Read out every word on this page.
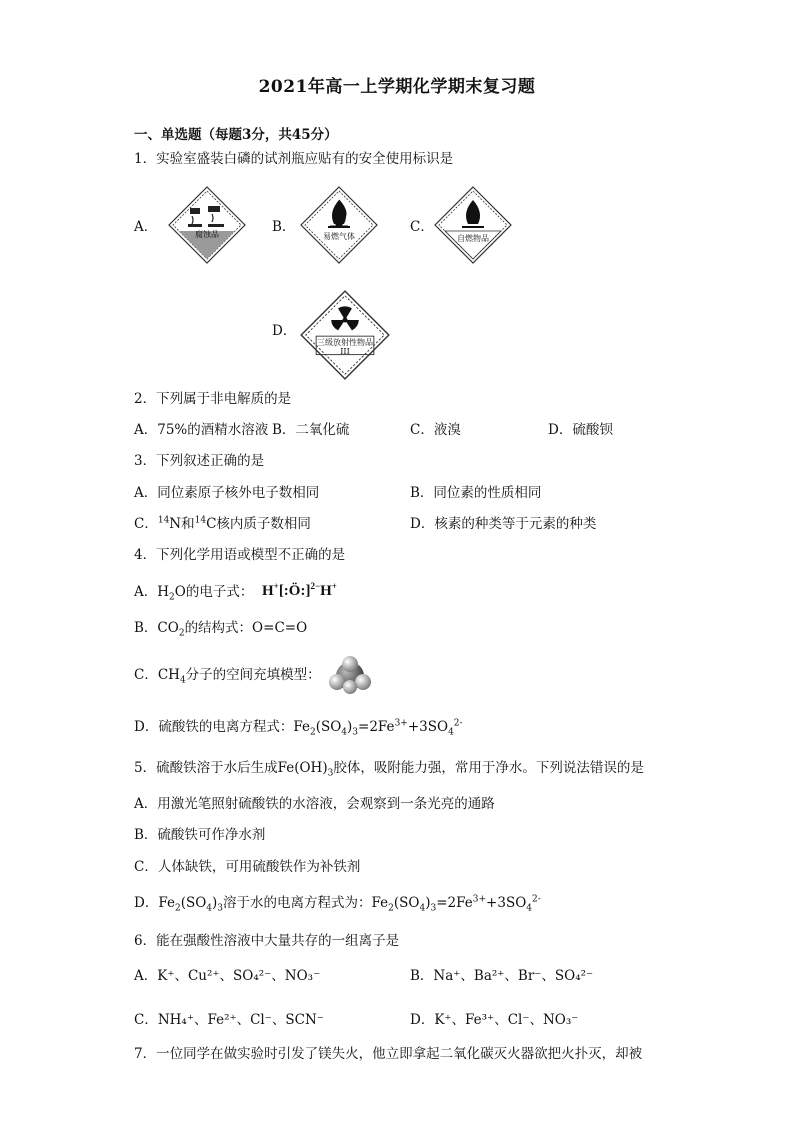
2021年高一上学期化学期末复习题
一、单选题（每题3分，共45分）
1．实验室盛装白磷的试剂瓶应贴有的安全使用标识是
A．	腐蚀品	B．
易燃气体
C．
自燃物品
D．
三级放射性物品
III
2．下列属于非电解质的是
A．75%的酒精水溶液 B．二氧化硫	C．液溴	D．硫酸钡
3．下列叙述正确的是
A．同位素原子核外电子数相同	B．同位素的性质相同
C．$^{14}$N和$^{14}$C核内质子数相同	D．核素的种类等于元素的种类
4．下列化学用语或模型不正确的是
A．$H_2O$的电子式： H+[:Ö:]$^{2-}$H+
B．$CO_2$的结构式：O=C=O
C．$CH_4$分子的空间充填模型：
D．硫酸铁的电离方程式：$Fe_2(SO_4)_3=2Fe^{3+}+3SO_4^{2-}$
5．硫酸铁溶于水后生成$Fe(OH)_3$胶体，吸附能力强，常用于净水。下列说法错误的是
A．用激光笔照射硫酸铁的水溶液，会观察到一条光亮的通路
B．硫酸铁可作净水剂
C．人体缺铁，可用硫酸铁作为补铁剂
D．$Fe_2(SO_4)_3$溶于水的电离方程式为：$Fe_2(SO_4)_3=2Fe^{3+}+3SO_4^{2-}$
6．能在强酸性溶液中大量共存的一组离子是
A．K⁺、Cu²⁺、SO₄²⁻、NO₃⁻	B．Na⁺、Ba²⁺、Br⁻、SO₄²⁻
C．NH₄⁺、Fe²⁺、Cl⁻、SCN⁻	D．K⁺、Fe³⁺、Cl⁻、NO₃⁻
7．一位同学在做实验时引发了镁失火，他立即拿起二氧化碳灭火器欲把火扑灭，却被
